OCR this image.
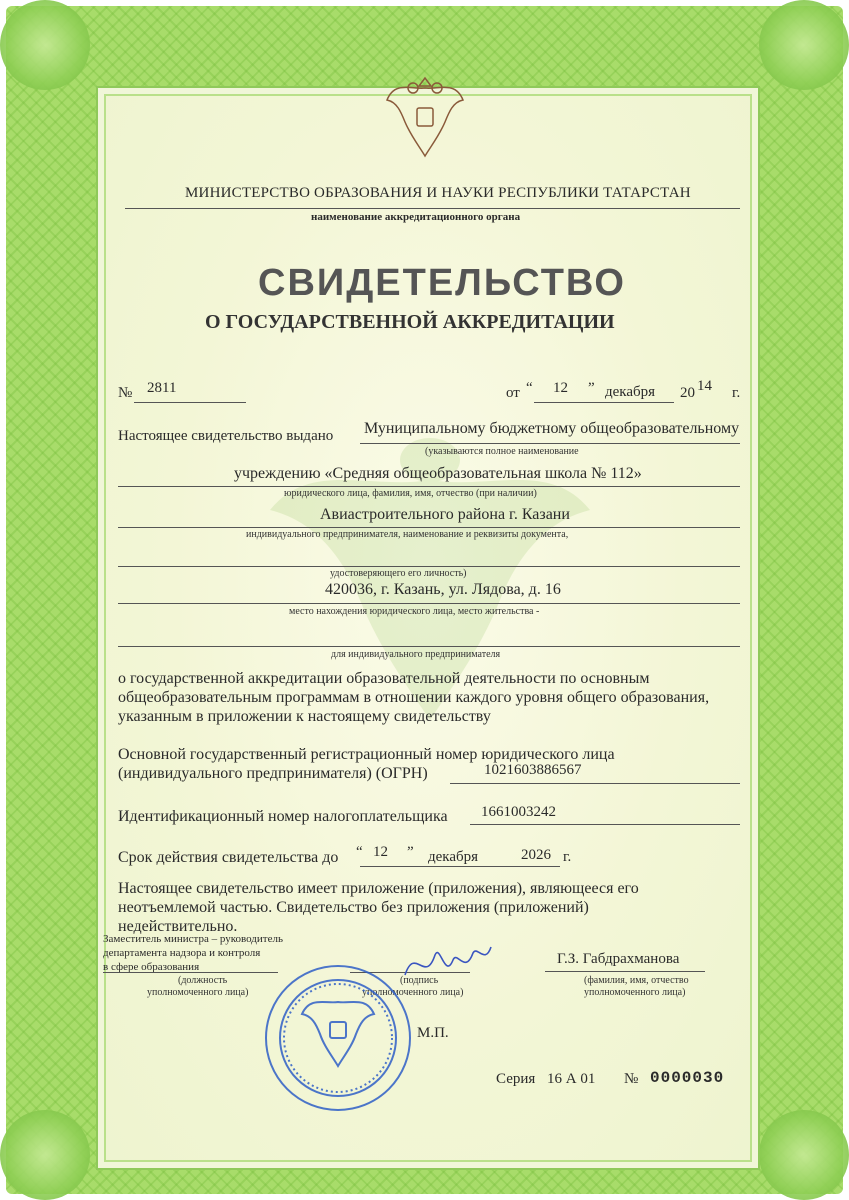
МИНИСТЕРСТВО ОБРАЗОВАНИЯ И НАУКИ РЕСПУБЛИКИ ТАТАРСТАН
наименование аккредитационного органа
СВИДЕТЕЛЬСТВО
О ГОСУДАРСТВЕННОЙ АККРЕДИТАЦИИ
№ 2811	от “ 12 ” декабря 20 14 г.
Настоящее свидетельство выдано Муниципальному бюджетному общеобразовательному
(указываются полное наименование
учреждению «Средняя общеобразовательная школа № 112»
юридического лица, фамилия, имя, отчество (при наличии)
Авиастроительного района г. Казани
индивидуального предпринимателя, наименование и реквизиты документа,
удостоверяющего его личность)
420036, г. Казань, ул. Лядова, д. 16
место нахождения юридического лица, место жительства -
для индивидуального предпринимателя
о государственной аккредитации образовательной деятельности по основным
общеобразовательным программам в отношении каждого уровня общего образования,
указанным в приложении к настоящему свидетельству
Основной государственный регистрационный номер юридического лица
(индивидуального предпринимателя) (ОГРН)	1021603886567
Идентификационный номер налогоплательщика 1661003242
Срок действия свидетельства до “ 12 ” декабря	2026 г.
Настоящее свидетельство имеет приложение (приложения), являющееся его
неотъемлемой частью. Свидетельство без приложения (приложений)
недействительно.
Заместитель министра – руководитель
департамента надзора и контроля
в сфере образования
(должность
уполномоченного лица)
(подпись
уполномоченного лица)
Г.З. Габдрахманова
(фамилия, имя, отчество
уполномоченного лица)
М.П.
Серия 16 А 01 № 0000030
